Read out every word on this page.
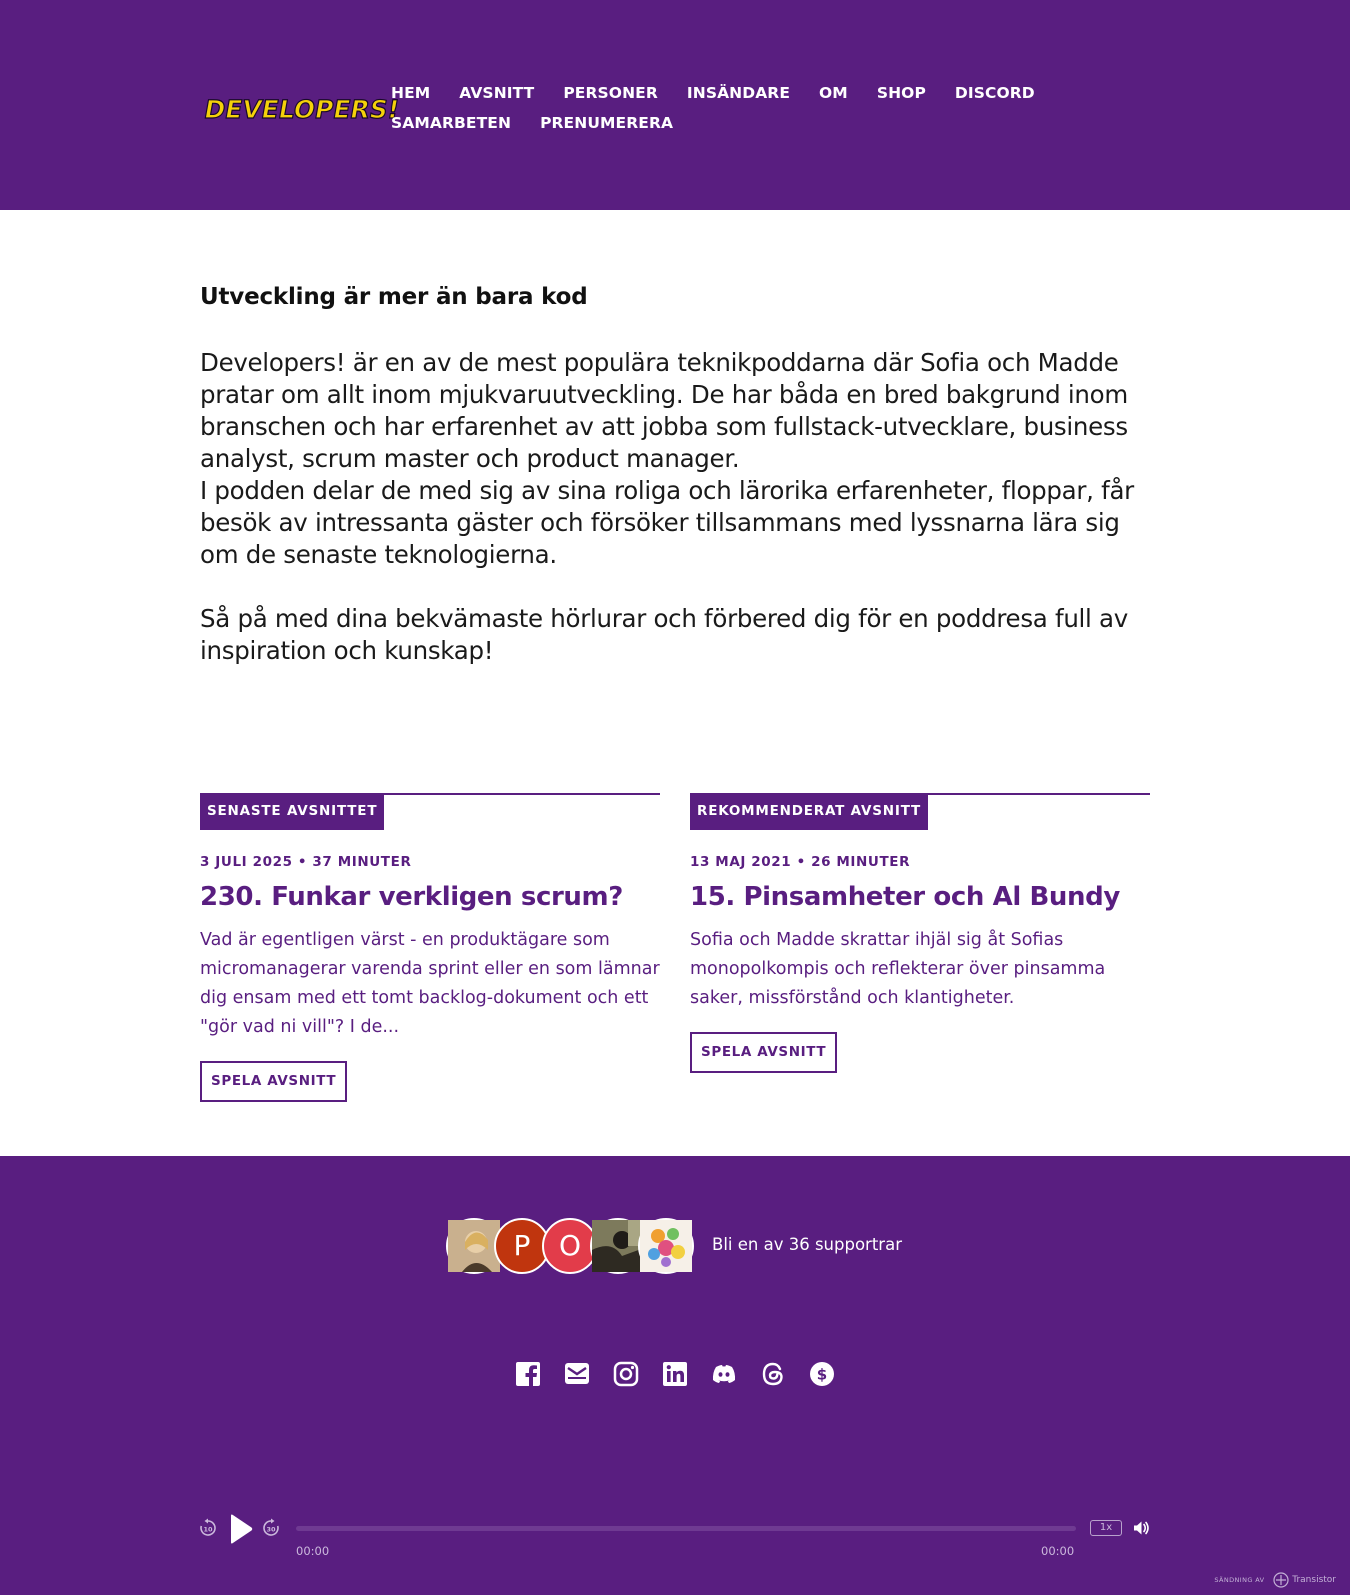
DEVELOPERS!
HEM AVSNITT PERSONER INSÄNDARE OM SHOP DISCORD
SAMARBETEN PRENUMERERA
Utveckling är mer än bara kod

Developers! är en av de mest populära teknikpoddarna där Sofia och Madde pratar om allt inom mjukvaruutveckling. De har båda en bred bakgrund inom branschen och har erfarenhet av att jobba som fullstack-utvecklare, business analyst, scrum master och product manager.

I podden delar de med sig av sina roliga och lärorika erfarenheter, floppar, får besök av intressanta gäster och försöker tillsammans med lyssnarna lära sig om de senaste teknologierna.

Så på med dina bekvämaste hörlurar och förbered dig för en poddresa full av inspiration och kunskap!

SENASTE AVSNITTET
3 JULI 2025 • 37 MINUTER
230. Funkar verkligen scrum?
Vad är egentligen värst - en produktägare som micromanagerar varenda sprint eller en som lämnar dig ensam med ett tomt backlog-dokument och ett "gör vad ni vill"? I de...
SPELA AVSNITT
REKOMMENDERAT AVSNITT
13 MAJ 2021 • 26 MINUTER
15. Pinsamheter och Al Bundy
Sofia och Madde skrattar ihjäl sig åt Sofias monopolkompis och reflekterar över pinsamma saker, missförstånd och klantigheter.
SPELA AVSNITT
P	O	Bli en av 36 supportrar
$
10	30
00:00	00:00
1x
SÄNDNING AV	Transistor
